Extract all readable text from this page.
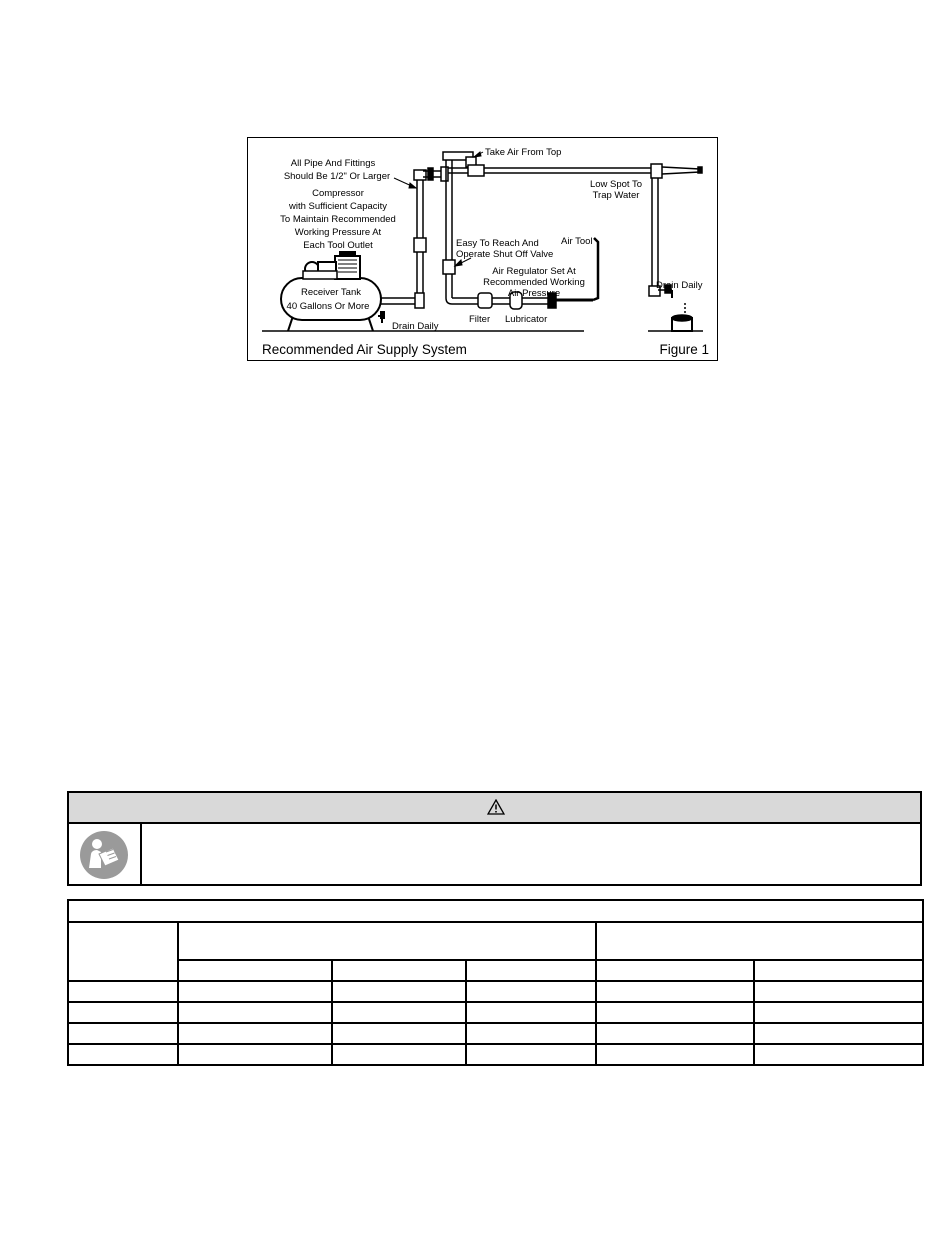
All Pipe And Fittings
Should Be 1/2" Or Larger
Compressor
with Sufficient Capacity
To Maintain Recommended
Working Pressure At
Each Tool Outlet
Receiver Tank
40 Gallons Or More
Drain Daily
Take Air From Top
Low Spot To
Trap Water
Easy To Reach And
Operate Shut Off Valve
Air Tool
Air Regulator Set At
Recommended Working
Air Pressure
Filter Lubricator
Drain Daily
Recommended Air Supply System	Figure 1
